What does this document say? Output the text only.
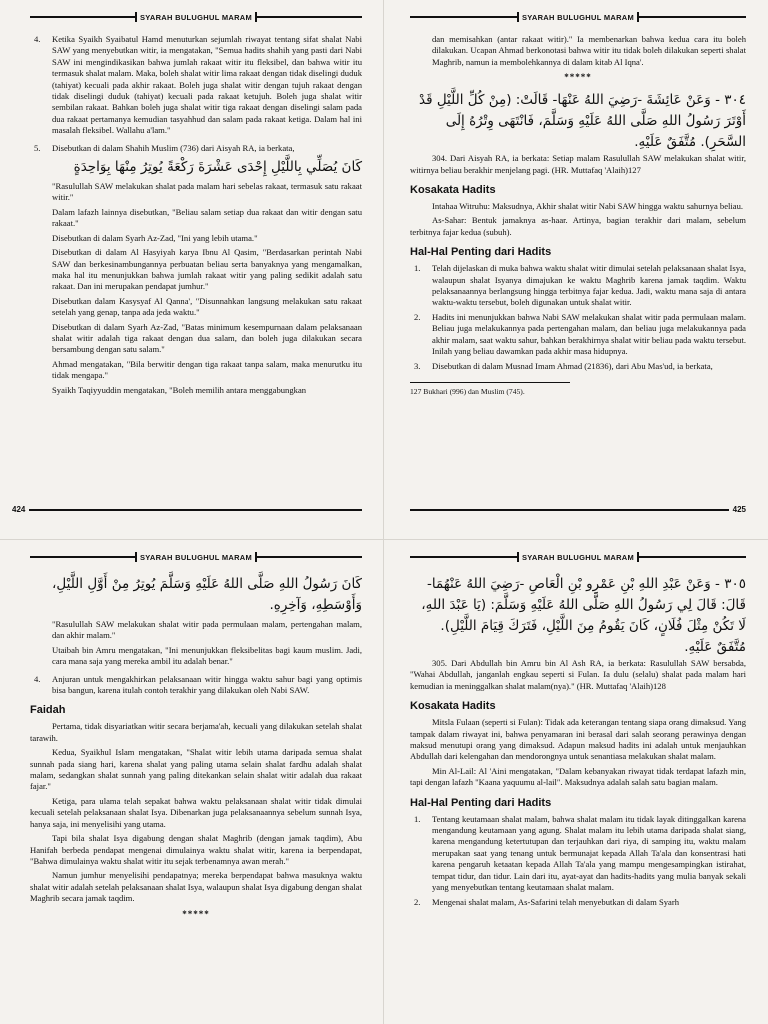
SYARAH BULUGHUL MARAM
4. Ketika Syaikh Syaibatul Hamd menuturkan sejumlah riwayat tentang sifat shalat Nabi SAW yang menyebutkan witir, ia mengatakan, "Semua hadits shahih yang pasti dari Nabi SAW ini mengindikasikan bahwa jumlah rakaat witir itu fleksibel, dan bahwa witir itu termasuk shalat malam. Maka, boleh shalat witir lima rakaat dengan tidak diselingi duduk (tahiyat) kecuali pada akhir rakaat. Boleh juga shalat witir dengan tujuh rakaat dengan tidak diselingi duduk (tahiyat) kecuali pada rakaat ketujuh. Boleh juga shalat witir sembilan rakaat. Bahkan boleh juga shalat witir tiga rakaat dengan diselingi salam pada dua rakaat pertamanya kemudian tasyahhud dan salam pada rakaat ketiga. Dalam hal ini masalah fleksibel. Wallahu a'lam."
5. Disebutkan di dalam Shahih Muslim (736) dari Aisyah RA, ia berkata,
كَانَ يُصَلِّي بِاللَّيْلِ إِحْدَى عَشْرَةَ رَكْعَةً يُوتِرُ مِنْهَا بِوَاحِدَةٍ

"Rasulullah SAW melakukan shalat pada malam hari sebelas rakaat, termasuk satu rakaat witir."

Dalam lafazh lainnya disebutkan, "Beliau salam setiap dua rakaat dan witir dengan satu rakaat."

Disebutkan di dalam Syarh Az-Zad, "Ini yang lebih utama."

Disebutkan di dalam Al Hasyiyah karya Ibnu Al Qasim, "Berdasarkan perintah Nabi SAW dan berkesinambungannya perbuatan beliau serta banyaknya yang mengamalkan, maka hal itu menunjukkan bahwa jumlah rakaat witir yang paling sedikit adalah satu rakaat. Dan ini merupakan pendapat jumhur."

Disebutkan dalam Kasysyaf Al Qanna', "Disunnahkan langsung melakukan satu rakaat setelah yang genap, tanpa ada jeda waktu."

Disebutkan di dalam Syarh Az-Zad, "Batas minimum kesempurnaan dalam pelaksanaan shalat witir adalah tiga rakaat dengan dua salam, dan boleh juga dilakukan secara bersambung dengan satu salam."

Ahmad mengatakan, "Bila berwitir dengan tiga rakaat tanpa salam, maka menurutku itu tidak mengapa."

Syaikh Taqiyyuddin mengatakan, "Boleh memilih antara menggabungkan

424
SYARAH BULUGHUL MARAM

dan memisahkan (antar rakaat witir)." Ia membenarkan bahwa kedua cara itu boleh dilakukan. Ucapan Ahmad berkonotasi bahwa witir itu tidak boleh dilakukan seperti shalat Maghrib, namun ia membolehkannya di dalam kitab Al Iqna'.

*****
٣٠٤ - وَعَنْ عَائِشَةَ -رَضِيَ اللهُ عَنْهَا- قَالَتْ: (مِنْ كُلِّ اللَّيْلِ قَدْ أَوْتَرَ رَسُولُ اللهِ صَلَّى اللهُ عَلَيْهِ وَسَلَّمَ، فَانْتَهَى وِتْرُهُ إِلَى السَّحَرِ). مُتَّفَقٌ عَلَيْهِ.

304. Dari Aisyah RA, ia berkata: Setiap malam Rasulullah SAW melakukan shalat witir, witirnya beliau berakhir menjelang pagi. (HR. Muttafaq 'Alaih)127

Kosakata Hadits

Intahaa Witruhu: Maksudnya, Akhir shalat witir Nabi SAW hingga waktu sahurnya beliau.

As-Sahar: Bentuk jamaknya as-haar. Artinya, bagian terakhir dari malam, sebelum terbitnya fajar kedua (subuh).

Hal-Hal Penting dari Hadits
1. Telah dijelaskan di muka bahwa waktu shalat witir dimulai setelah pelaksanaan shalat Isya, walaupun shalat Isyanya dimajukan ke waktu Maghrib karena jamak taqdim. Waktu pelaksanaannya berlangsung hingga terbitnya fajar kedua. Jadi, waktu mana saja di antara waktu-waktu tersebut, boleh digunakan untuk shalat witir.
2. Hadits ini menunjukkan bahwa Nabi SAW melakukan shalat witir pada permulaan malam. Beliau juga melakukannya pada pertengahan malam, dan beliau juga melakukannya pada akhir malam, saat waktu sahur, bahkan berakhirnya shalat witir beliau pada waktu tersebut. Inilah yang beliau dawamkan pada akhir masa hidupnya.
3. Disebutkan di dalam Musnad Imam Ahmad (21836), dari Abu Mas'ud, ia berkata,

127 Bukhari (996) dan Muslim (745).

425
SYARAH BULUGHUL MARAM
كَانَ رَسُولُ اللهِ صَلَّى اللهُ عَلَيْهِ وَسَلَّمَ يُوتِرُ مِنْ أَوَّلِ اللَّيْلِ، وَأَوْسَطِهِ، وَآخِرِهِ.

"Rasulullah SAW melakukan shalat witir pada permulaan malam, pertengahan malam, dan akhir malam."

Utaibah bin Amru mengatakan, "Ini menunjukkan fleksibelitas bagi kaum muslim. Jadi, cara mana saja yang mereka ambil itu adalah benar."

4. Anjuran untuk mengakhirkan pelaksanaan witir hingga waktu sahur bagi yang optimis bisa bangun, karena itulah contoh terakhir yang dilakukan oleh Nabi SAW.
Faidah

Pertama, tidak disyariatkan witir secara berjama'ah, kecuali yang dilakukan setelah shalat tarawih.

Kedua, Syaikhul Islam mengatakan, "Shalat witir lebih utama daripada semua shalat sunnah pada siang hari, karena shalat yang paling utama selain shalat fardhu adalah shalat malam, sedangkan shalat sunnah yang paling ditekankan selain shalat witir adalah dua rakaat fajar."

Ketiga, para ulama telah sepakat bahwa waktu pelaksanaan shalat witir tidak dimulai kecuali setelah pelaksanaan shalat Isya. Dibenarkan juga pelaksanaannya sebelum sunnah Isya, hanya saja, ini menyelisihi yang utama.

Tapi bila shalat Isya digabung dengan shalat Maghrib (dengan jamak taqdim), Abu Hanifah berbeda pendapat mengenai dimulainya waktu shalat witir, karena ia berpendapat, "Bahwa dimulainya waktu shalat witir itu sejak terbenamnya awan merah."

Namun jumhur menyelisihi pendapatnya; mereka berpendapat bahwa masuknya waktu shalat witir adalah setelah pelaksanaan shalat Isya, walaupun shalat Isya digabung dengan shalat Maghrib secara jamak taqdim.

*****
SYARAH BULUGHUL MARAM
٣٠٥ - وَعَنْ عَبْدِ اللهِ بْنِ عَمْرِو بْنِ الْعَاصِ -رَضِيَ اللهُ عَنْهُمَا- قَالَ: قَالَ لِي رَسُولُ اللهِ صَلَّى اللهُ عَلَيْهِ وَسَلَّمَ: (يَا عَبْدَ اللهِ، لَا تَكُنْ مِثْلَ فُلَانٍ، كَانَ يَقُومُ مِنَ اللَّيْلِ، فَتَرَكَ قِيَامَ اللَّيْلِ). مُتَّفَقٌ عَلَيْهِ.

305. Dari Abdullah bin Amru bin Al Ash RA, ia berkata: Rasulullah SAW bersabda, "Wahai Abdullah, janganlah engkau seperti si Fulan. Ia dulu (selalu) shalat pada malam hari kemudian ia meninggalkan shalat malam(nya)." (HR. Muttafaq 'Alaih)128

Kosakata Hadits

Mitsla Fulaan (seperti si Fulan): Tidak ada keterangan tentang siapa orang dimaksud. Yang tampak dalam riwayat ini, bahwa penyamaran ini berasal dari salah seorang perawinya dengan maksud menutupi orang yang dimaksud. Adapun maksud hadits ini adalah untuk menjauhkan Abdullah dari kelengahan dan mendorongnya untuk senantiasa melakukan shalat malam.

Min Al-Lail: Al 'Aini mengatakan, "Dalam kebanyakan riwayat tidak terdapat lafazh min, tapi dengan lafazh "Kaana yaquumu al-lail". Maksudnya adalah salah satu bagian malam.

Hal-Hal Penting dari Hadits
1. Tentang keutamaan shalat malam, bahwa shalat malam itu tidak layak ditinggalkan karena mengandung keutamaan yang agung. Shalat malam itu lebih utama daripada shalat siang, karena mengandung ketertutupan dan terjauhkan dari riya, di samping itu, waktu malam merupakan saat yang tenang untuk bermunajat kepada Allah Ta'ala dan konsentrasi hati karena pengaruh ketaatan kepada Allah Ta'ala yang mampu mengesampingkan istirahat, tempat tidur, dan tidur. Lain dari itu, ayat-ayat dan hadits-hadits yang mulia banyak sekali yang menyebutkan tentang keutamaan shalat malam.
2. Mengenai shalat malam, As-Safarini telah menyebutkan di dalam Syarh
